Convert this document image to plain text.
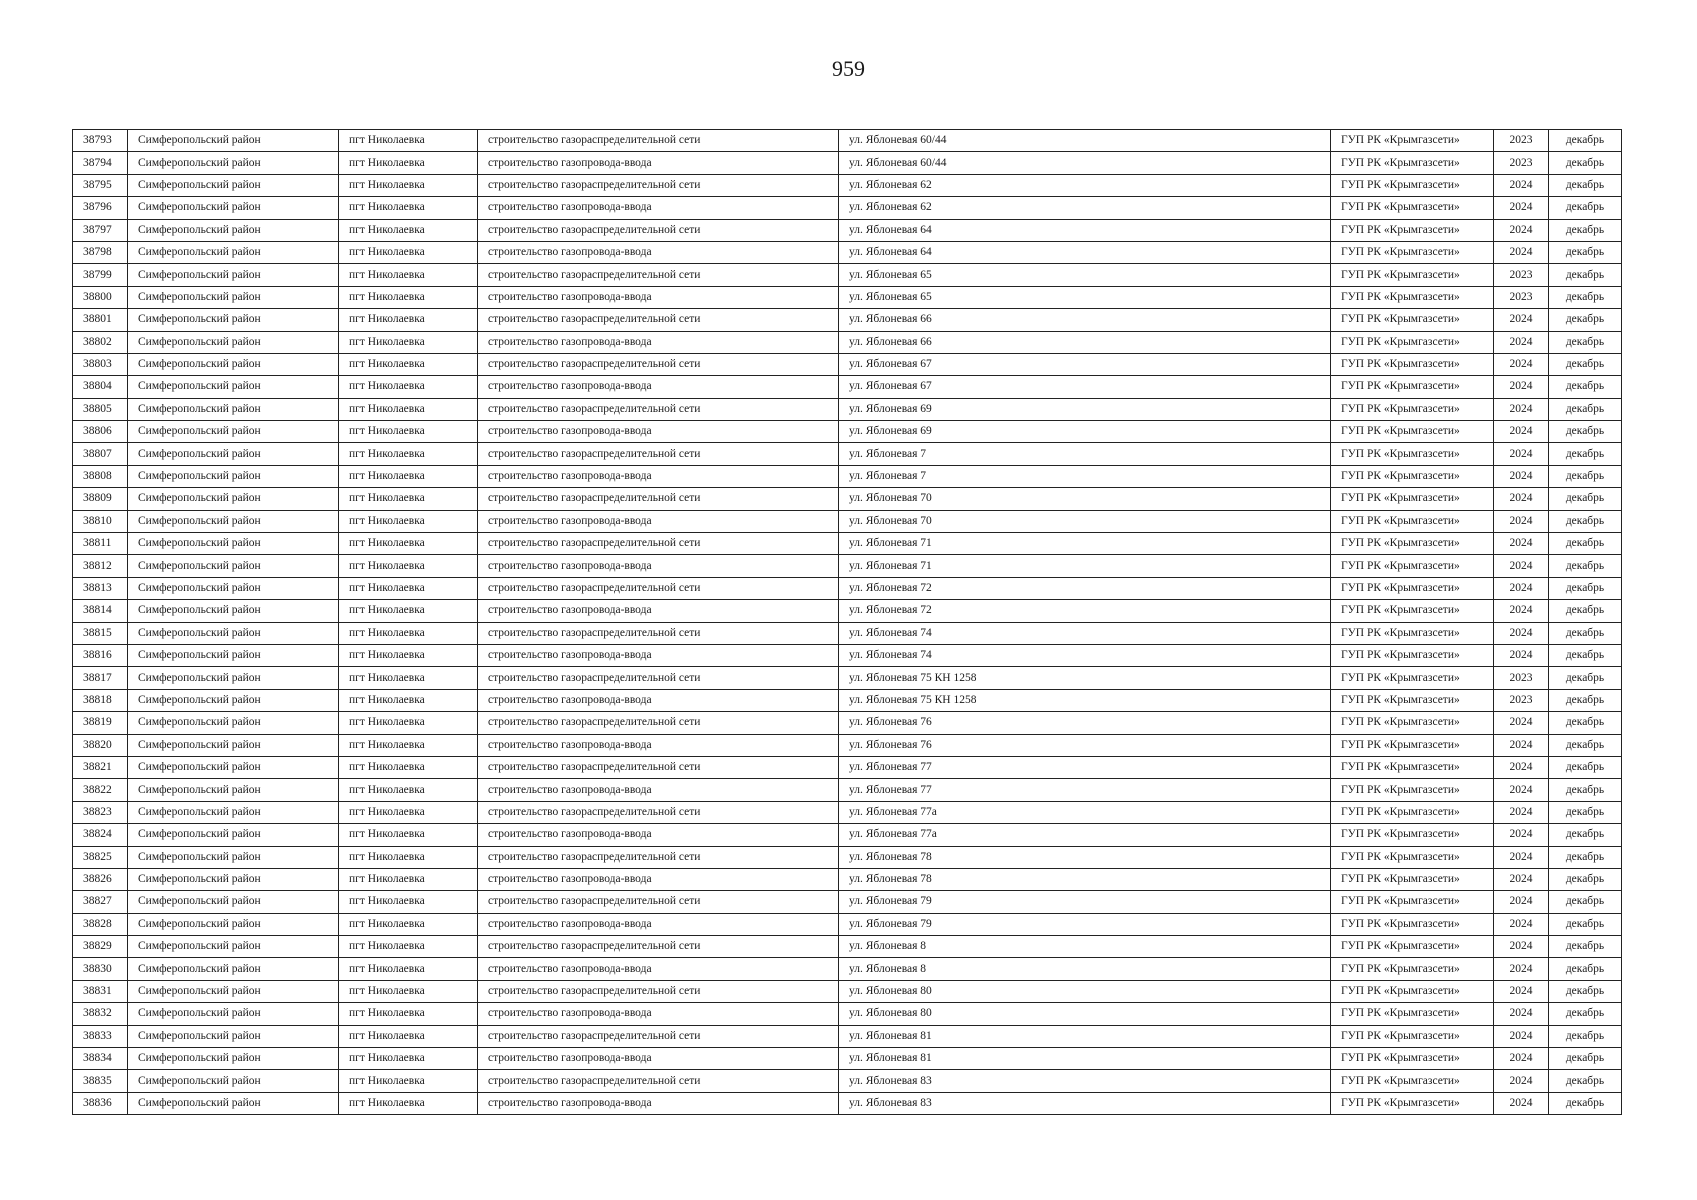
959
38793	Симферопольский район	пгт Николаевка	строительство газораспределительной сети	ул. Яблоневая 60/44	ГУП РК «Крымгазсети»	2023	декабрь
38794	Симферопольский район	пгт Николаевка	строительство газопровода-ввода	ул. Яблоневая 60/44	ГУП РК «Крымгазсети»	2023	декабрь
38795	Симферопольский район	пгт Николаевка	строительство газораспределительной сети	ул. Яблоневая 62	ГУП РК «Крымгазсети»	2024	декабрь
38796	Симферопольский район	пгт Николаевка	строительство газопровода-ввода	ул. Яблоневая 62	ГУП РК «Крымгазсети»	2024	декабрь
38797	Симферопольский район	пгт Николаевка	строительство газораспределительной сети	ул. Яблоневая 64	ГУП РК «Крымгазсети»	2024	декабрь
38798	Симферопольский район	пгт Николаевка	строительство газопровода-ввода	ул. Яблоневая 64	ГУП РК «Крымгазсети»	2024	декабрь
38799	Симферопольский район	пгт Николаевка	строительство газораспределительной сети	ул. Яблоневая 65	ГУП РК «Крымгазсети»	2023	декабрь
38800	Симферопольский район	пгт Николаевка	строительство газопровода-ввода	ул. Яблоневая 65	ГУП РК «Крымгазсети»	2023	декабрь
38801	Симферопольский район	пгт Николаевка	строительство газораспределительной сети	ул. Яблоневая 66	ГУП РК «Крымгазсети»	2024	декабрь
38802	Симферопольский район	пгт Николаевка	строительство газопровода-ввода	ул. Яблоневая 66	ГУП РК «Крымгазсети»	2024	декабрь
38803	Симферопольский район	пгт Николаевка	строительство газораспределительной сети	ул. Яблоневая 67	ГУП РК «Крымгазсети»	2024	декабрь
38804	Симферопольский район	пгт Николаевка	строительство газопровода-ввода	ул. Яблоневая 67	ГУП РК «Крымгазсети»	2024	декабрь
38805	Симферопольский район	пгт Николаевка	строительство газораспределительной сети	ул. Яблоневая 69	ГУП РК «Крымгазсети»	2024	декабрь
38806	Симферопольский район	пгт Николаевка	строительство газопровода-ввода	ул. Яблоневая 69	ГУП РК «Крымгазсети»	2024	декабрь
38807	Симферопольский район	пгт Николаевка	строительство газораспределительной сети	ул. Яблоневая 7	ГУП РК «Крымгазсети»	2024	декабрь
38808	Симферопольский район	пгт Николаевка	строительство газопровода-ввода	ул. Яблоневая 7	ГУП РК «Крымгазсети»	2024	декабрь
38809	Симферопольский район	пгт Николаевка	строительство газораспределительной сети	ул. Яблоневая 70	ГУП РК «Крымгазсети»	2024	декабрь
38810	Симферопольский район	пгт Николаевка	строительство газопровода-ввода	ул. Яблоневая 70	ГУП РК «Крымгазсети»	2024	декабрь
38811	Симферопольский район	пгт Николаевка	строительство газораспределительной сети	ул. Яблоневая 71	ГУП РК «Крымгазсети»	2024	декабрь
38812	Симферопольский район	пгт Николаевка	строительство газопровода-ввода	ул. Яблоневая 71	ГУП РК «Крымгазсети»	2024	декабрь
38813	Симферопольский район	пгт Николаевка	строительство газораспределительной сети	ул. Яблоневая 72	ГУП РК «Крымгазсети»	2024	декабрь
38814	Симферопольский район	пгт Николаевка	строительство газопровода-ввода	ул. Яблоневая 72	ГУП РК «Крымгазсети»	2024	декабрь
38815	Симферопольский район	пгт Николаевка	строительство газораспределительной сети	ул. Яблоневая 74	ГУП РК «Крымгазсети»	2024	декабрь
38816	Симферопольский район	пгт Николаевка	строительство газопровода-ввода	ул. Яблоневая 74	ГУП РК «Крымгазсети»	2024	декабрь
38817	Симферопольский район	пгт Николаевка	строительство газораспределительной сети	ул. Яблоневая 75 КН 1258	ГУП РК «Крымгазсети»	2023	декабрь
38818	Симферопольский район	пгт Николаевка	строительство газопровода-ввода	ул. Яблоневая 75 КН 1258	ГУП РК «Крымгазсети»	2023	декабрь
38819	Симферопольский район	пгт Николаевка	строительство газораспределительной сети	ул. Яблоневая 76	ГУП РК «Крымгазсети»	2024	декабрь
38820	Симферопольский район	пгт Николаевка	строительство газопровода-ввода	ул. Яблоневая 76	ГУП РК «Крымгазсети»	2024	декабрь
38821	Симферопольский район	пгт Николаевка	строительство газораспределительной сети	ул. Яблоневая 77	ГУП РК «Крымгазсети»	2024	декабрь
38822	Симферопольский район	пгт Николаевка	строительство газопровода-ввода	ул. Яблоневая 77	ГУП РК «Крымгазсети»	2024	декабрь
38823	Симферопольский район	пгт Николаевка	строительство газораспределительной сети	ул. Яблоневая 77а	ГУП РК «Крымгазсети»	2024	декабрь
38824	Симферопольский район	пгт Николаевка	строительство газопровода-ввода	ул. Яблоневая 77а	ГУП РК «Крымгазсети»	2024	декабрь
38825	Симферопольский район	пгт Николаевка	строительство газораспределительной сети	ул. Яблоневая 78	ГУП РК «Крымгазсети»	2024	декабрь
38826	Симферопольский район	пгт Николаевка	строительство газопровода-ввода	ул. Яблоневая 78	ГУП РК «Крымгазсети»	2024	декабрь
38827	Симферопольский район	пгт Николаевка	строительство газораспределительной сети	ул. Яблоневая 79	ГУП РК «Крымгазсети»	2024	декабрь
38828	Симферопольский район	пгт Николаевка	строительство газопровода-ввода	ул. Яблоневая 79	ГУП РК «Крымгазсети»	2024	декабрь
38829	Симферопольский район	пгт Николаевка	строительство газораспределительной сети	ул. Яблоневая 8	ГУП РК «Крымгазсети»	2024	декабрь
38830	Симферопольский район	пгт Николаевка	строительство газопровода-ввода	ул. Яблоневая 8	ГУП РК «Крымгазсети»	2024	декабрь
38831	Симферопольский район	пгт Николаевка	строительство газораспределительной сети	ул. Яблоневая 80	ГУП РК «Крымгазсети»	2024	декабрь
38832	Симферопольский район	пгт Николаевка	строительство газопровода-ввода	ул. Яблоневая 80	ГУП РК «Крымгазсети»	2024	декабрь
38833	Симферопольский район	пгт Николаевка	строительство газораспределительной сети	ул. Яблоневая 81	ГУП РК «Крымгазсети»	2024	декабрь
38834	Симферопольский район	пгт Николаевка	строительство газопровода-ввода	ул. Яблоневая 81	ГУП РК «Крымгазсети»	2024	декабрь
38835	Симферопольский район	пгт Николаевка	строительство газораспределительной сети	ул. Яблоневая 83	ГУП РК «Крымгазсети»	2024	декабрь
38836	Симферопольский район	пгт Николаевка	строительство газопровода-ввода	ул. Яблоневая 83	ГУП РК «Крымгазсети»	2024	декабрь
